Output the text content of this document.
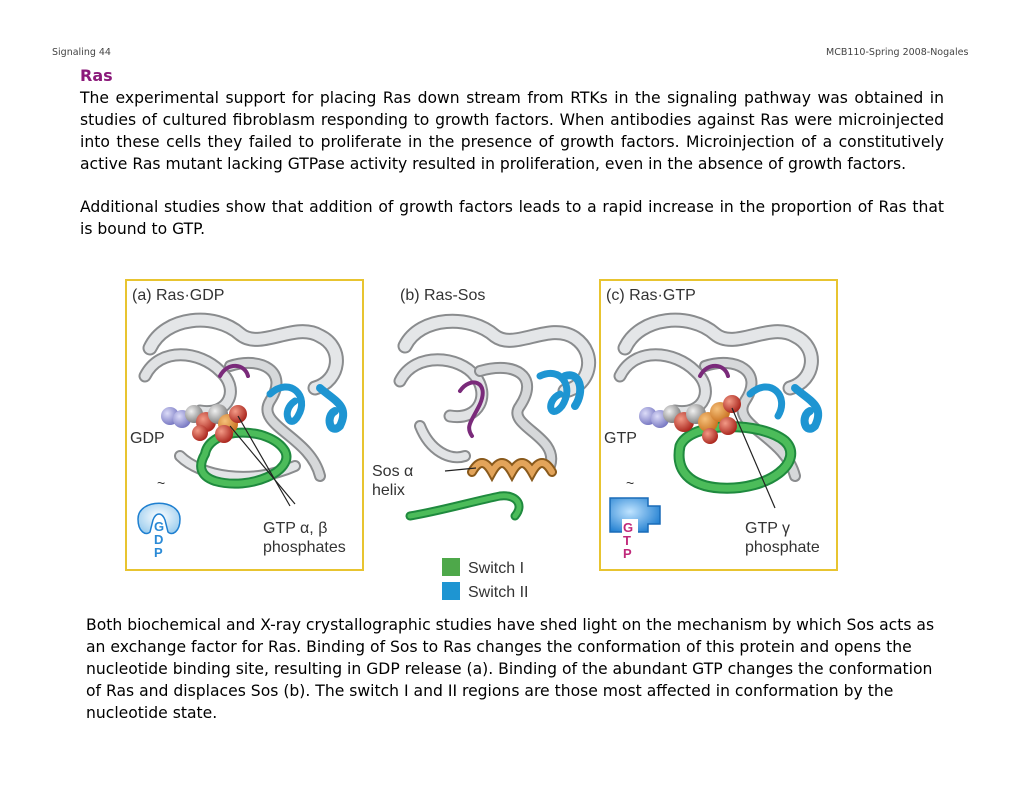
Signaling 44	MCB110-Spring 2008-Nogales
Ras

The experimental support for placing Ras down stream from RTKs in the signaling pathway was obtained in studies of cultured fibroblasm responding to growth factors. When antibodies against Ras were microinjected into these cells they failed to proliferate in the presence of growth factors. Microinjection of a constitutively active Ras mutant lacking GTPase activity resulted in proliferation, even in the absence of growth factors.

Additional studies show that addition of growth factors leads to a rapid increase in the proportion of Ras that is bound to GTP.

(a) Ras·GDP
GDP
GTP α, β
phosphates
~
G
D
P
(b) Ras-Sos
Sos α
helix
(c) Ras·GTP
GTP
GTP γ
phosphate
~
G
T
P
Switch I
Switch II

Both biochemical and X-ray crystallographic studies have shed light on the mechanism by which Sos acts as an exchange factor for Ras. Binding of Sos to Ras changes the conformation of this protein and opens the nucleotide binding site, resulting in GDP release (a). Binding of the abundant GTP changes the conformation of Ras and displaces Sos (b). The switch I and II regions are those most affected in conformation by the nucleotide state.
